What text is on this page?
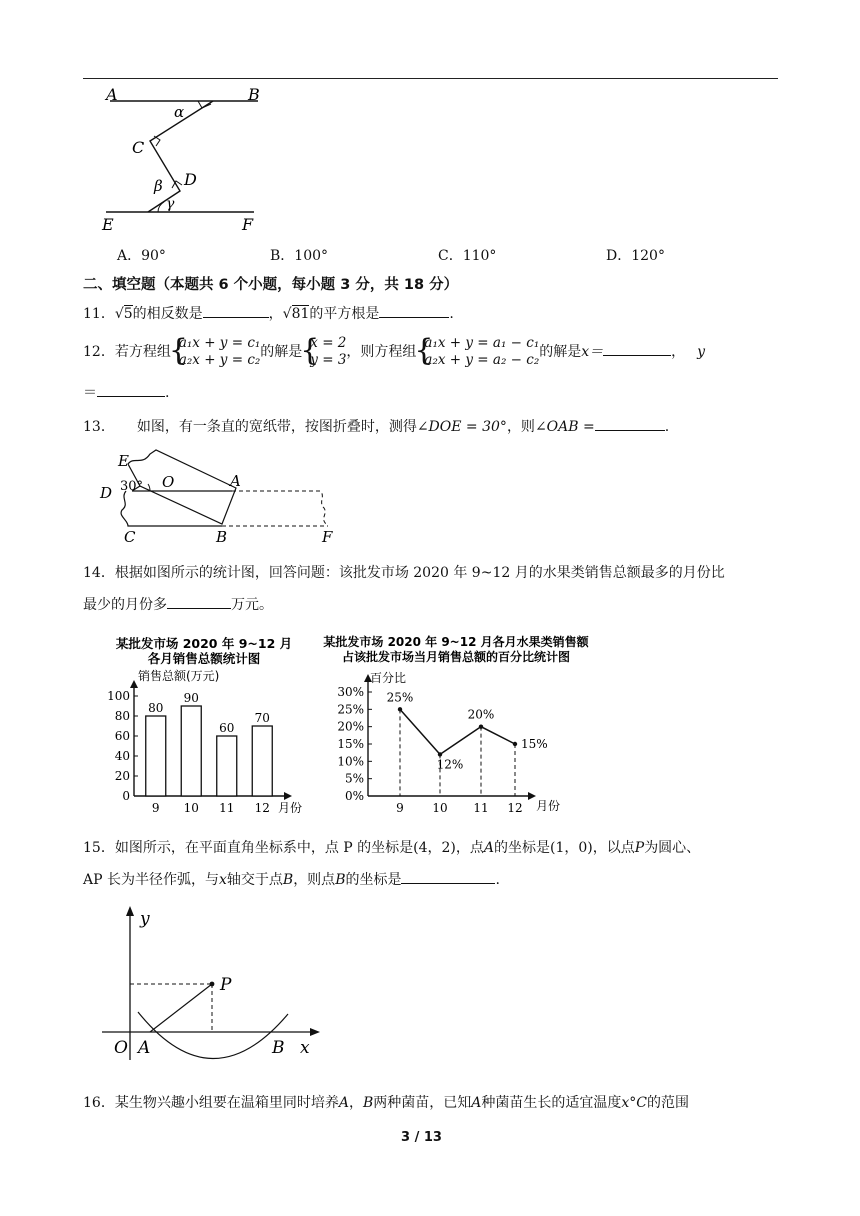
A	B
α
C
β D
γ
E	F
A．90°	B．100°	C．110°	D．120°
二、填空题（本题共 6 个小题，每小题 3 分，共 18 分）
11．√5的相反数是	，√81的平方根是	.
12．若方程组
{ a₁x + y = c₁
a₂x + y = c₂ 的解是
{ x = 2
y = 3 ，则方程组
{ a₁x + y = a₁ − c₁
a₂x + y = a₂ − c₂ 的解是x＝	， y
＝	.
13． 如图，有一条直的宽纸带，按图折叠时，测得∠DOE = 30°，则∠OAB =	.
E
D 30° O	A
C	B	F
14．根据如图所示的统计图，回答问题：该批发市场 2020 年 9~12 月的水果类销售总额最多的月份比
最少的月份多	万元。
某批发市场 2020 年 9~12 月
各月销售总额统计图
销售总额(万元)
月份
0
20
40
60
80
100
80
9
90
10
60
11
70
12
某批发市场 2020 年 9~12 月各月水果类销售额
占该批发市场当月销售总额的百分比统计图
百分比
月份
0%
5%
10%
15%
20%
25%
30% 25%
9
12%
10
20%
11
15%
12
15．如图所示，在平面直角坐标系中，点 P 的坐标是(4，2)，点A的坐标是(1，0)，以点P为圆心、
AP 长为半径作弧，与x轴交于点B，则点B的坐标是	.
y
P
O A	B x
16．某生物兴趣小组要在温箱里同时培养A，B两种菌苗，已知A种菌苗生长的适宜温度x°C的范围
3 / 13
